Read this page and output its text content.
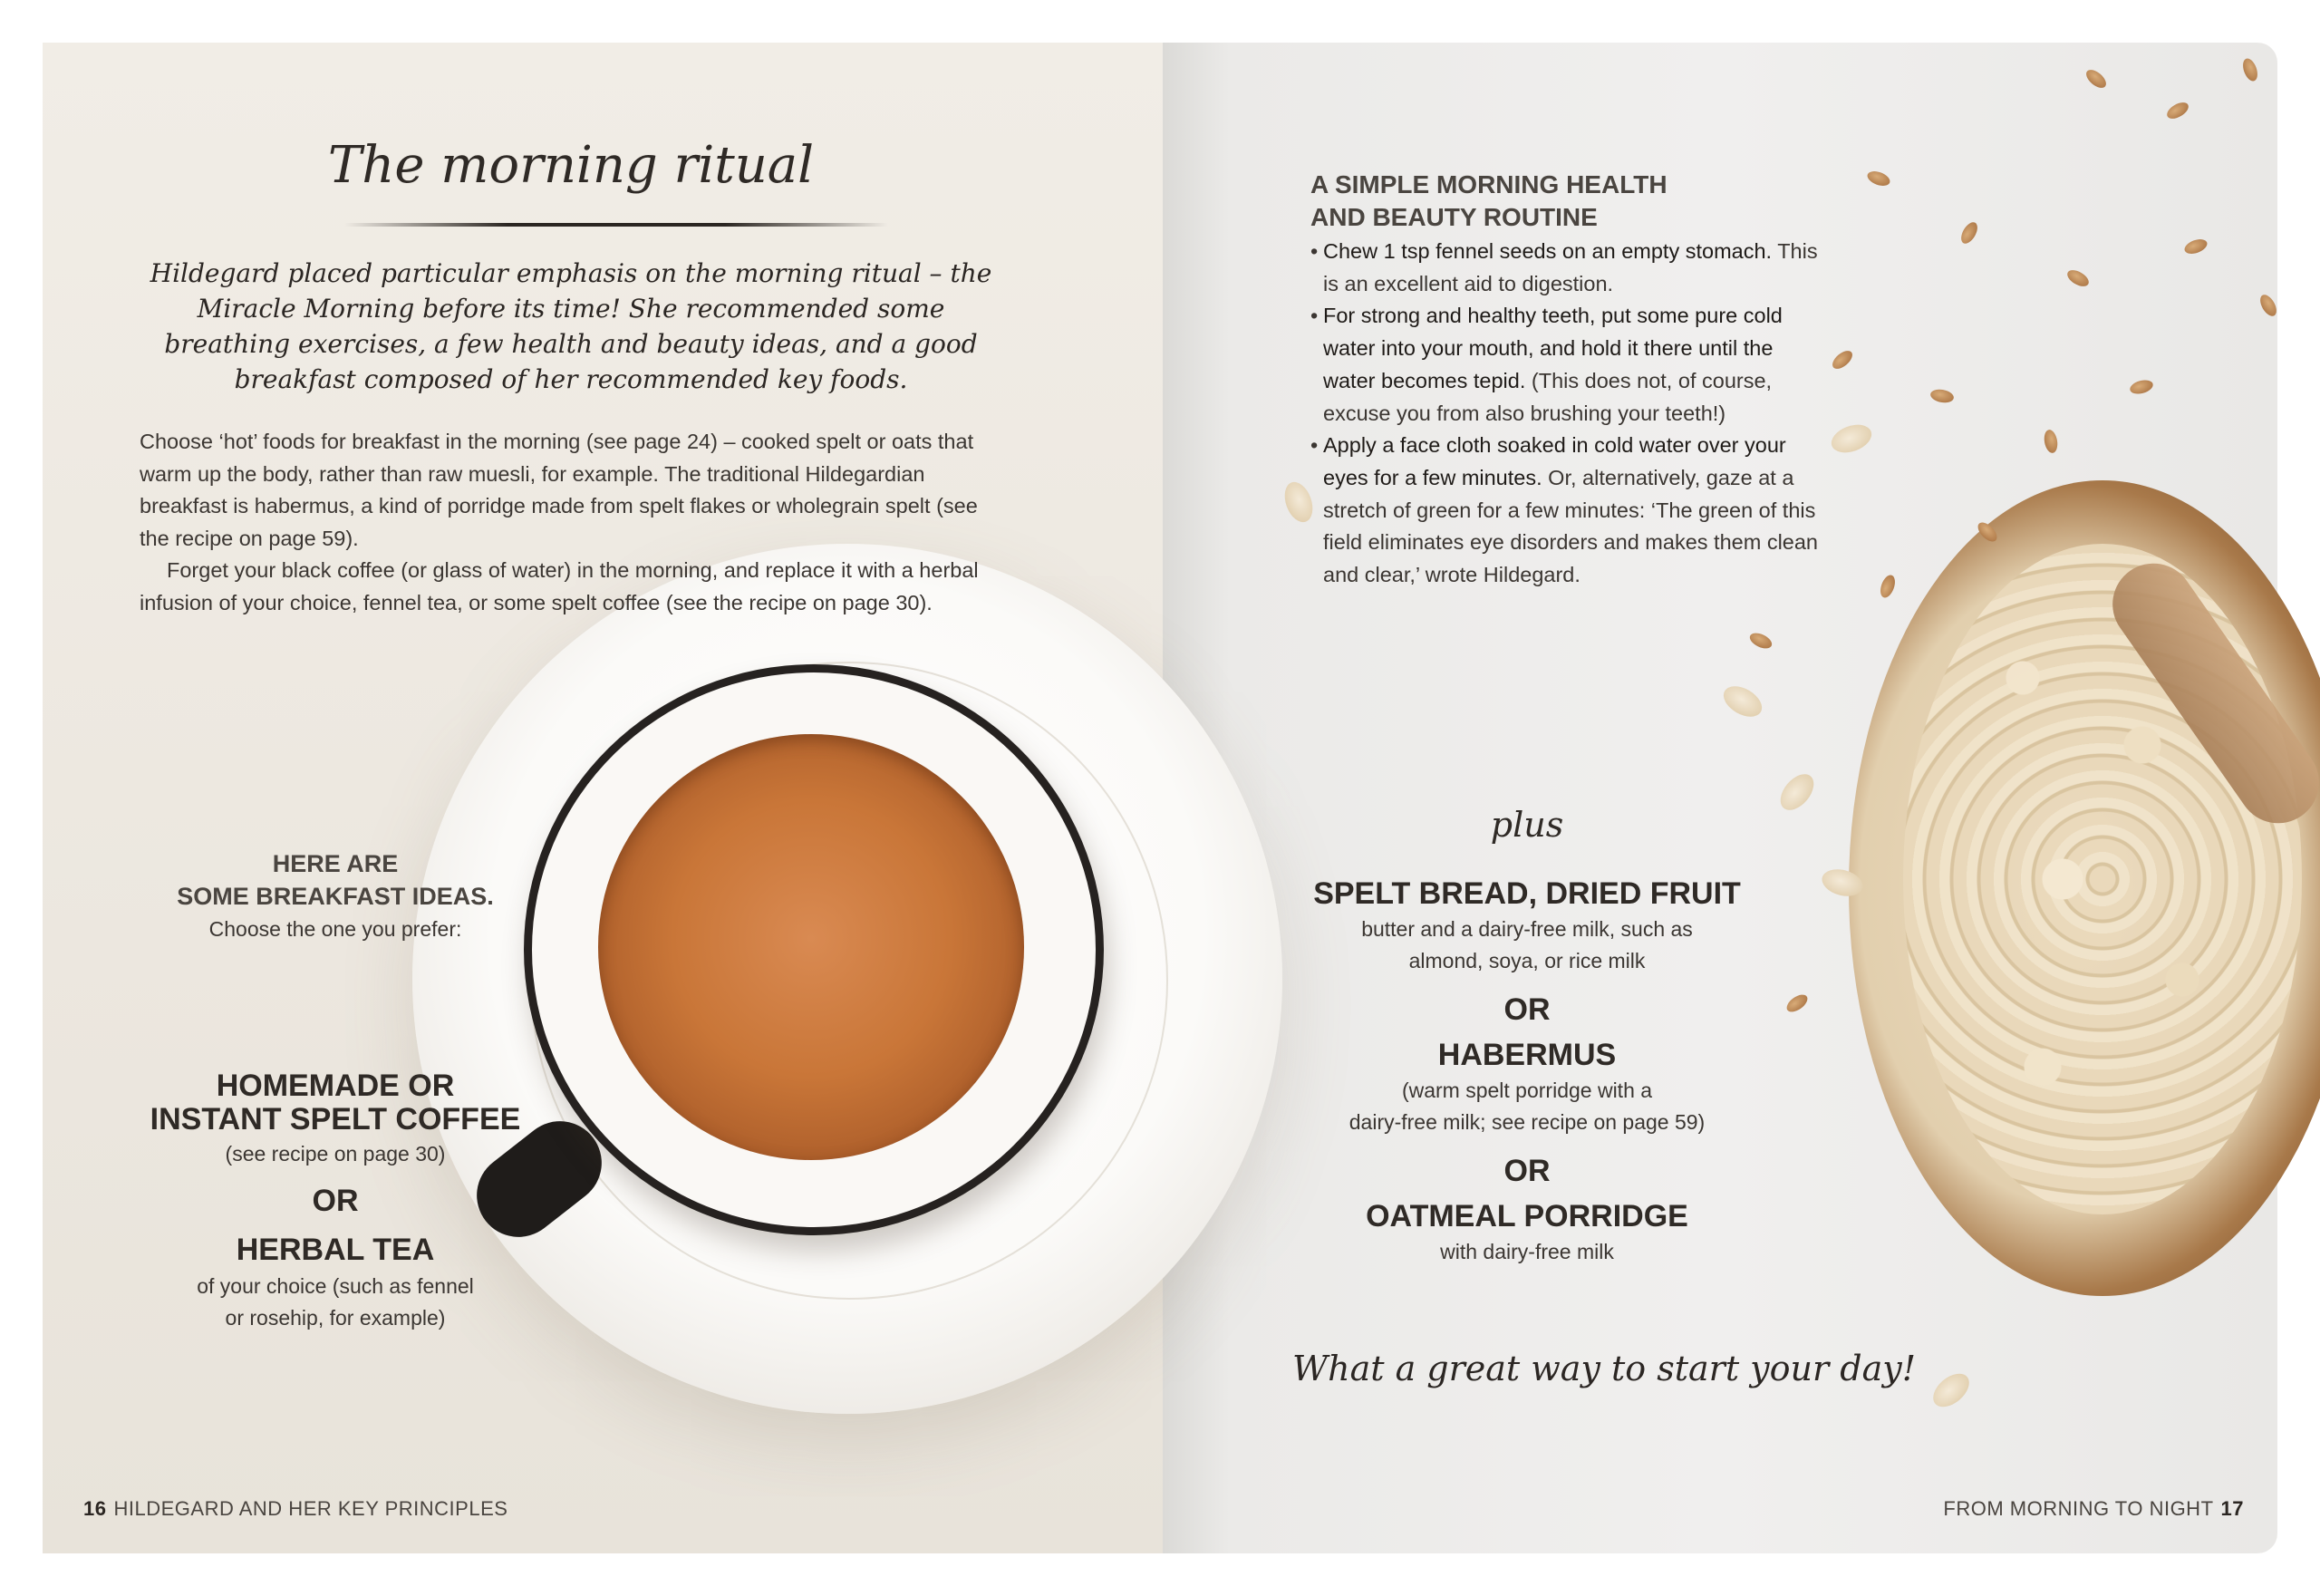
The morning ritual

Hildegard placed particular emphasis on the morning ritual – the Miracle Morning before its time! She recommended some breathing exercises, a few health and beauty ideas, and a good breakfast composed of her recommended key foods.

Choose ‘hot’ foods for breakfast in the morning (see page 24) – cooked spelt or oats that warm up the body, rather than raw muesli, for example. The traditional Hildegardian breakfast is habermus, a kind of porridge made from spelt flakes or wholegrain spelt (see the recipe on page 59).

Forget your black coffee (or glass of water) in the morning, and replace it with a herbal infusion of your choice, fennel tea, or some spelt coffee (see the recipe on page 30).

HERE ARE
SOME BREAKFAST IDEAS.
Choose the one you prefer:
HOMEMADE OR
INSTANT SPELT COFFEE
(see recipe on page 30)
OR
HERBAL TEA
of your choice (such as fennel
or rosehip, for example)

16 HILDEGARD AND HER KEY PRINCIPLES

A SIMPLE MORNING HEALTH
AND BEAUTY ROUTINE
• Chew 1 tsp fennel seeds on an empty stomach. This is an excellent aid to digestion.
• For strong and healthy teeth, put some pure cold water into your mouth, and hold it there until the water becomes tepid. (This does not, of course, excuse you from also brushing your teeth!)
• Apply a face cloth soaked in cold water over your eyes for a few minutes. Or, alternatively, gaze at a stretch of green for a few minutes: ‘The green of this field eliminates eye disorders and makes them clean and clear,’ wrote Hildegard.
plus
SPELT BREAD, DRIED FRUIT
butter and a dairy-free milk, such as
almond, soya, or rice milk
OR
HABERMUS
(warm spelt porridge with a
dairy-free milk; see recipe on page 59)
OR
OATMEAL PORRIDGE
with dairy-free milk

What a great way to start your day!

FROM MORNING TO NIGHT 17
